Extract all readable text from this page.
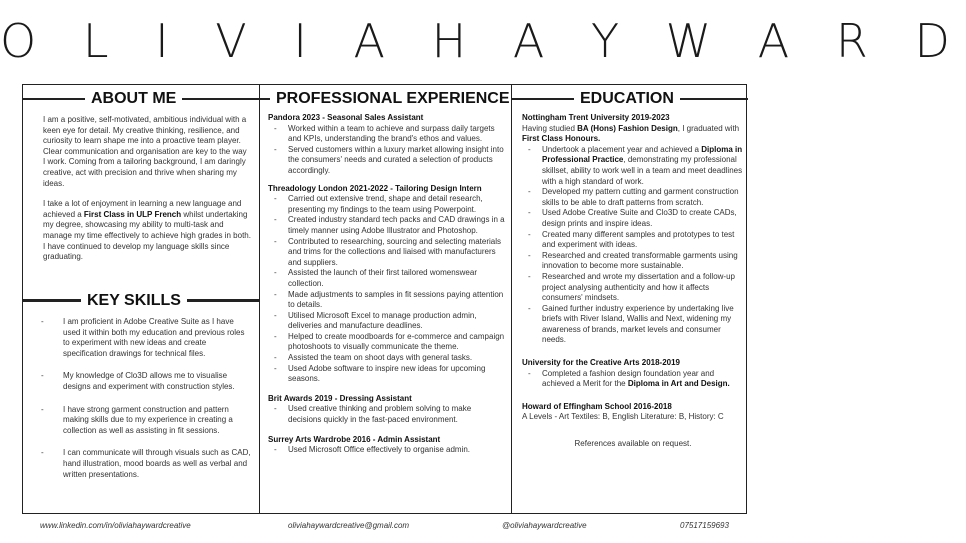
O L I V I A H A Y W A R D
ABOUT ME

I am a positive, self-motivated, ambitious individual with a keen eye for detail. My creative thinking, resilience, and curiosity to learn shape me into a proactive team player. Clear communication and organisation are key to the way I work. Coming from a tailoring background, I am daringly creative, act with precision and thrive when sharing my ideas.

I take a lot of enjoyment in learning a new language and achieved a First Class in ULP French whilst undertaking my degree, showcasing my ability to multi-task and manage my time effectively to achieve high grades in both. I have continued to develop my language skills since graduating.

KEY SKILLS
- I am proficient in Adobe Creative Suite as I have used it within both my education and previous roles to experiment with new ideas and create specification drawings for technical files.
- My knowledge of Clo3D allows me to visualise designs and experiment with construction styles.
- I have strong garment construction and pattern making skills due to my experience in creating a collection as well as assisting in fit sessions.
- I can communicate will through visuals such as CAD, hand illustration, mood boards as well as verbal and written presentations.
PROFESSIONAL EXPERIENCE
Pandora 2023 - Seasonal Sales Assistant
- Worked within a team to achieve and surpass daily targets and KPIs, understanding the brand's ethos and values.
- Served customers within a luxury market allowing insight into the consumers' needs and curated a selection of products accordingly.
Threadology London 2021-2022 - Tailoring Design Intern
- Carried out extensive trend, shape and detail research, presenting my findings to the team using Powerpoint.
- Created industry standard tech packs and CAD drawings in a timely manner using Adobe Illustrator and Photoshop.
- Contributed to researching, sourcing and selecting materials and trims for the collections and liaised with manufacturers and suppliers.
- Assisted the launch of their first tailored womenswear collection.
- Made adjustments to samples in fit sessions paying attention to details.
- Utilised Microsoft Excel to manage production admin, deliveries and manufacture deadlines.
- Helped to create moodboards for e-commerce and campaign photoshoots to visually communicate the theme.
- Assisted the team on shoot days with general tasks.
- Used Adobe software to inspire new ideas for upcoming seasons.
Brit Awards 2019 - Dressing Assistant
- Used creative thinking and problem solving to make decisions quickly in the fast-paced environment.
Surrey Arts Wardrobe 2016 - Admin Assistant
- Used Microsoft Office effectively to organise admin.
EDUCATION
Nottingham Trent University 2019-2023
Having studied BA (Hons) Fashion Design, I graduated with First Class Honours.
- Undertook a placement year and achieved a Diploma in Professional Practice, demonstrating my professional skillset, ability to work well in a team and meet deadlines with a high standard of work.
- Developed my pattern cutting and garment construction skills to be able to draft patterns from scratch.
- Used Adobe Creative Suite and Clo3D to create CADs, design prints and inspire ideas.
- Created many different samples and prototypes to test and experiment with ideas.
- Researched and created transformable garments using innovation to become more sustainable.
- Researched and wrote my dissertation and a follow-up project analysing authenticity and how it affects consumers' mindsets.
- Gained further industry experience by undertaking live briefs with River Island, Wallis and Next, widening my awareness of brands, market levels and consumer needs.
University for the Creative Arts 2018-2019
- Completed a fashion design foundation year and achieved a Merit for the Diploma in Art and Design.
Howard of Effingham School 2016-2018
A Levels - Art Textiles: B, English Literature: B, History: C
References available on request.
www.linkedin.com/in/oliviahaywardcreative	oliviahaywardcreative@gmail.com	@oliviahaywardcreative	07517159693
